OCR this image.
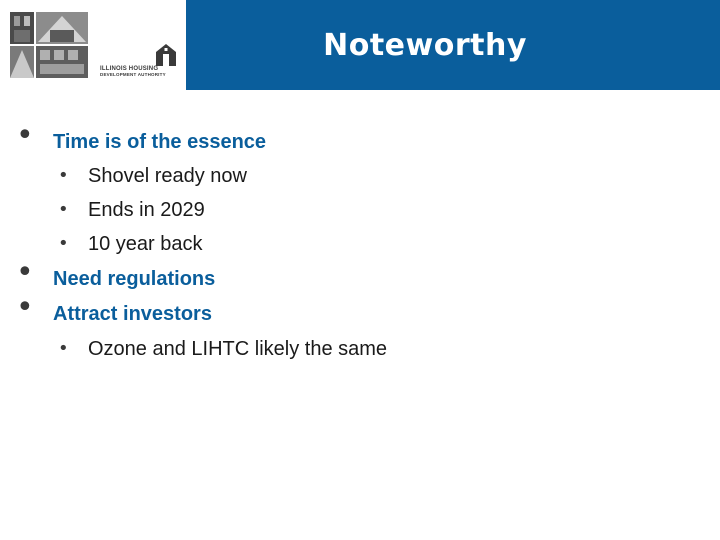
ILLINOIS HOUSING
DEVELOPMENT AUTHORITY
Noteworthy
• Time is of the essence
• Shovel ready now
• Ends in 2029
• 10 year back
• Need regulations
• Attract investors
• Ozone and LIHTC likely the same
